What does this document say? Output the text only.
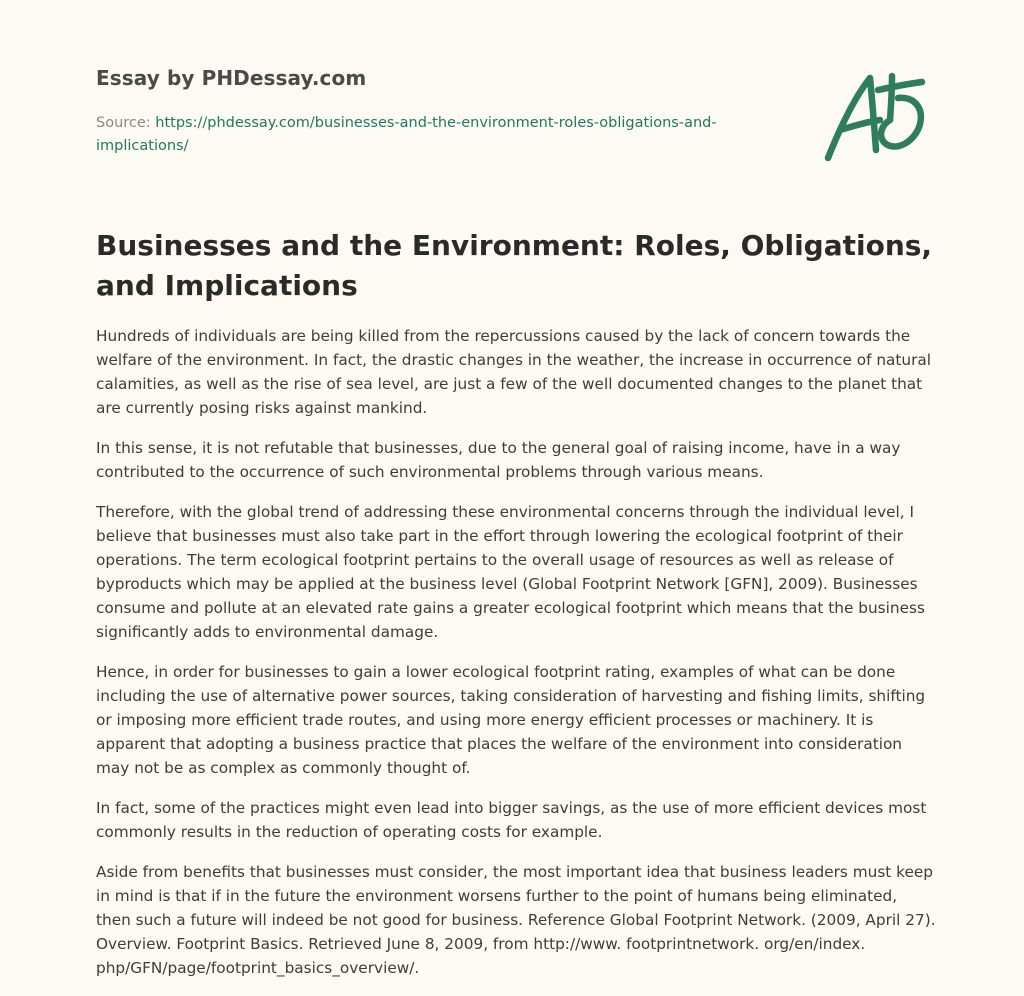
Essay by PHDessay.com
Source: https://phdessay.com/businesses-and-the-environment-roles-obligations-and-implications/
Businesses and the Environment: Roles, Obligations, and Implications

Hundreds of individuals are being killed from the repercussions caused by the lack of concern towards the welfare of the environment. In fact, the drastic changes in the weather, the increase in occurrence of natural calamities, as well as the rise of sea level, are just a few of the well documented changes to the planet that are currently posing risks against mankind.

In this sense, it is not refutable that businesses, due to the general goal of raising income, have in a way contributed to the occurrence of such environmental problems through various means.

Therefore, with the global trend of addressing these environmental concerns through the individual level, I believe that businesses must also take part in the effort through lowering the ecological footprint of their operations. The term ecological footprint pertains to the overall usage of resources as well as release of byproducts which may be applied at the business level (Global Footprint Network [GFN], 2009). Businesses consume and pollute at an elevated rate gains a greater ecological footprint which means that the business significantly adds to environmental damage.

Hence, in order for businesses to gain a lower ecological footprint rating, examples of what can be done including the use of alternative power sources, taking consideration of harvesting and fishing limits, shifting or imposing more efficient trade routes, and using more energy efficient processes or machinery. It is apparent that adopting a business practice that places the welfare of the environment into consideration may not be as complex as commonly thought of.

In fact, some of the practices might even lead into bigger savings, as the use of more efficient devices most commonly results in the reduction of operating costs for example.

Aside from benefits that businesses must consider, the most important idea that business leaders must keep in mind is that if in the future the environment worsens further to the point of humans being eliminated, then such a future will indeed be not good for business. Reference Global Footprint Network. (2009, April 27). Overview. Footprint Basics. Retrieved June 8, 2009, from http://www. footprintnetwork. org/en/index. php/GFN/page/footprint_basics_overview/.
